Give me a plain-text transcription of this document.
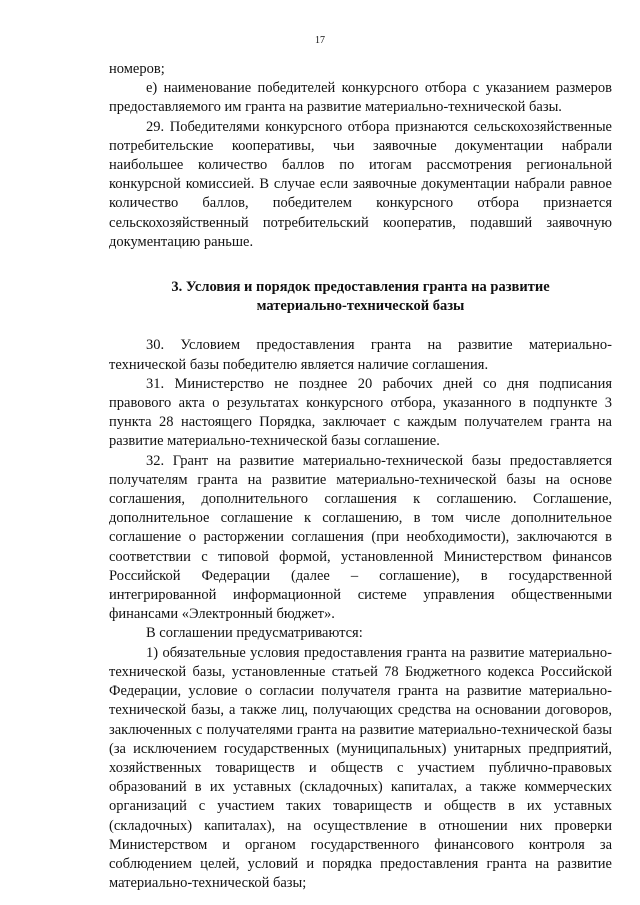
17

номеров;

е) наименование победителей конкурсного отбора с указанием размеров предоставляемого им гранта на развитие материально-технической базы.

29. Победителями конкурсного отбора признаются сельскохозяйственные потребительские кооперативы, чьи заявочные документации набрали наибольшее количество баллов по итогам рассмотрения региональной конкурсной комиссией. В случае если заявочные документации набрали равное количество баллов, победителем конкурсного отбора признается сельскохозяйственный потребительский кооператив, подавший заявочную документацию раньше.

3. Условия и порядок предоставления гранта на развитие
материально-технической базы

30. Условием предоставления гранта на развитие материально-технической базы победителю является наличие соглашения.

31. Министерство не позднее 20 рабочих дней со дня подписания правового акта о результатах конкурсного отбора, указанного в подпункте 3 пункта 28 настоящего Порядка, заключает с каждым получателем гранта на развитие материально-технической базы соглашение.

32. Грант на развитие материально-технической базы предоставляется получателям гранта на развитие материально-технической базы на основе соглашения, дополнительного соглашения к соглашению. Соглашение, дополнительное соглашение к соглашению, в том числе дополнительное соглашение о расторжении соглашения (при необходимости), заключаются в соответствии с типовой формой, установленной Министерством финансов Российской Федерации (далее – соглашение), в государственной интегрированной информационной системе управления общественными финансами «Электронный бюджет».

В соглашении предусматриваются:

1) обязательные условия предоставления гранта на развитие материально-технической базы, установленные статьей 78 Бюджетного кодекса Российской Федерации, условие о согласии получателя гранта на развитие материально-технической базы, а также лиц, получающих средства на основании договоров, заключенных с получателями гранта на развитие материально-технической базы (за исключением государственных (муниципальных) унитарных предприятий, хозяйственных товариществ и обществ с участием публично-правовых образований в их уставных (складочных) капиталах, а также коммерческих организаций с участием таких товариществ и обществ в их уставных (складочных) капиталах), на осуществление в отношении них проверки Министерством и органом государственного финансового контроля за соблюдением целей, условий и порядка предоставления гранта на развитие материально-технической базы;
